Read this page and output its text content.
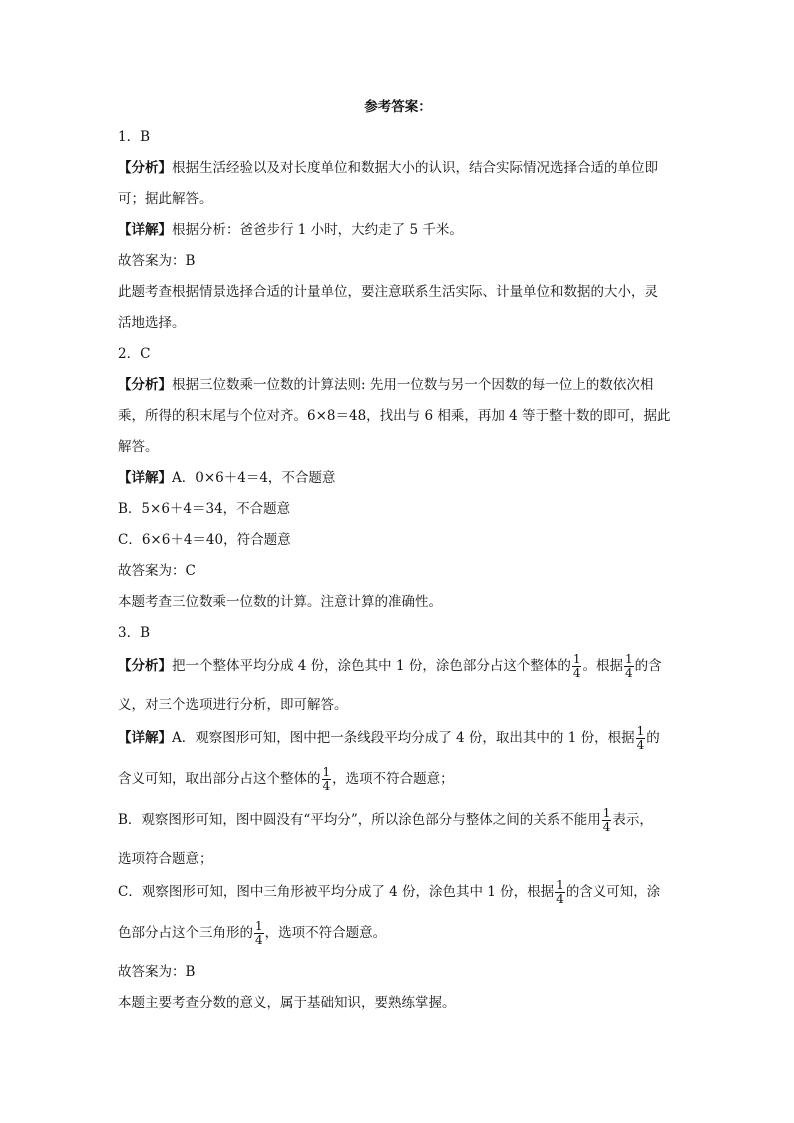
参考答案：
1．B
【分析】根据生活经验以及对长度单位和数据大小的认识，结合实际情况选择合适的单位即
可；据此解答。
【详解】根据分析：爸爸步行 1 小时，大约走了 5 千米。
故答案为：B
此题考查根据情景选择合适的计量单位，要注意联系生活实际、计量单位和数据的大小，灵
活地选择。
2．C
【分析】根据三位数乘一位数的计算法则: 先用一位数与另一个因数的每一位上的数依次相
乘，所得的积末尾与个位对齐。6×8＝48，找出与 6 相乘，再加 4 等于整十数的即可，据此
解答。
【详解】A．0×6＋4＝4，不合题意
B．5×6＋4＝34，不合题意
C．6×6＋4＝40，符合题意
故答案为：C
本题考查三位数乘一位数的计算。注意计算的准确性。
3．B
【分析】把一个整体平均分成 4 份，涂色其中 1 份，涂色部分占这个整体的 $\frac{1}{4}$ 。根据 $\frac{1}{4}$ 的含
义，对三个选项进行分析，即可解答。
【详解】A．观察图形可知，图中把一条线段平均分成了 4 份，取出其中的 1 份，根据 $\frac{1}{4}$ 的
含义可知，取出部分占这个整体的 $\frac{1}{4}$ ，选项不符合题意；
B．观察图形可知，图中圆没有“平均分”，所以涂色部分与整体之间的关系不能用 $\frac{1}{4}$ 表示，
选项符合题意；
C．观察图形可知，图中三角形被平均分成了 4 份，涂色其中 1 份，根据 $\frac{1}{4}$ 的含义可知，涂
色部分占这个三角形的 $\frac{1}{4}$ ，选项不符合题意。
故答案为：B
本题主要考查分数的意义，属于基础知识，要熟练掌握。
